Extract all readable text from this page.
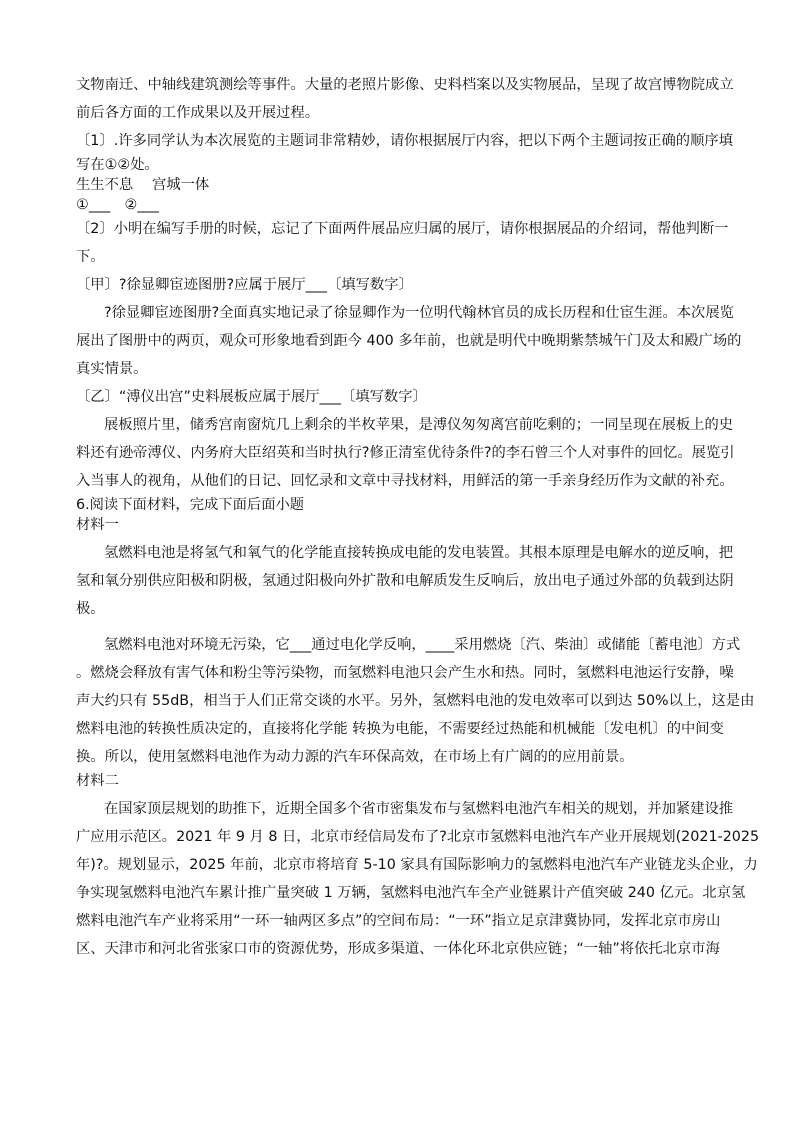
文物南迁、中轴线建筑测绘等事件。大量的老照片影像、史料档案以及实物展品，呈现了故宫博物院成立

前后各方面的工作成果以及开展过程。

〔1〕.许多同学认为本次展览的主题词非常精妙，请你根据展厅内容，把以下两个主题词按正确的顺序填

写在①②处。

生生不息　 宫城一体

①___　②___

〔2〕小明在编写手册的时候，忘记了下面两件展品应归属的展厅，请你根据展品的介绍词，帮他判断一

下。

〔甲〕?徐显卿宦迹图册?应属于展厅___〔填写数字〕

?徐显卿宦迹图册?全面真实地记录了徐显卿作为一位明代翰林官员的成长历程和仕宦生涯。本次展览

展出了图册中的两页，观众可形象地看到距今 400 多年前，也就是明代中晚期紫禁城午门及太和殿广场的

真实情景。

〔乙〕“溥仪出宫”史料展板应属于展厅___〔填写数字〕

展板照片里，储秀宫南窗炕几上剩余的半枚苹果，是溥仪匆匆离宫前吃剩的；一同呈现在展板上的史

料还有逊帝溥仪、内务府大臣绍英和当时执行?修正清室优待条件?的李石曾三个人对事件的回忆。展览引

入当事人的视角，从他们的日记、回忆录和文章中寻找材料，用鲜活的第一手亲身经历作为文献的补充。

6.阅读下面材料，完成下面后面小题

材料一

氢燃料电池是将氢气和氧气的化学能直接转换成电能的发电装置。其根本原理是电解水的逆反响，把

氢和氧分别供应阳极和阴极，氢通过阳极向外扩散和电解质发生反响后，放出电子通过外部的负载到达阴

极。

氢燃料电池对环境无污染，它___通过电化学反响，____采用燃烧〔汽、柴油〕或储能〔蓄电池〕方式

。燃烧会释放有害气体和粉尘等污染物，而氢燃料电池只会产生水和热。同时，氢燃料电池运行安静，噪

声大约只有 55dB，相当于人们正常交谈的水平。另外，氢燃料电池的发电效率可以到达 50%以上，这是由

燃料电池的转换性质决定的，直接将化学能 转换为电能，不需要经过热能和机械能〔发电机〕的中间变

换。所以，使用氢燃料电池作为动力源的汽车环保高效，在市场上有广阔的的应用前景。

材料二

在国家顶层规划的助推下，近期全国多个省市密集发布与氢燃料电池汽车相关的规划，并加紧建设推

广应用示范区。2021 年 9 月 8 日，北京市经信局发布了?北京市氢燃料电池汽车产业开展规划(2021-2025

年)?。规划显示，2025 年前，北京市将培育 5-10 家具有国际影响力的氢燃料电池汽车产业链龙头企业，力

争实现氢燃料电池汽车累计推广量突破 1 万辆，氢燃料电池汽车全产业链累计产值突破 240 亿元。北京氢

燃料电池汽车产业将采用“一环一轴两区多点”的空间布局：“一环”指立足京津冀协同，发挥北京市房山

区、天津市和河北省张家口市的资源优势，形成多渠道、一体化环北京供应链；“一轴”将依托北京市海
